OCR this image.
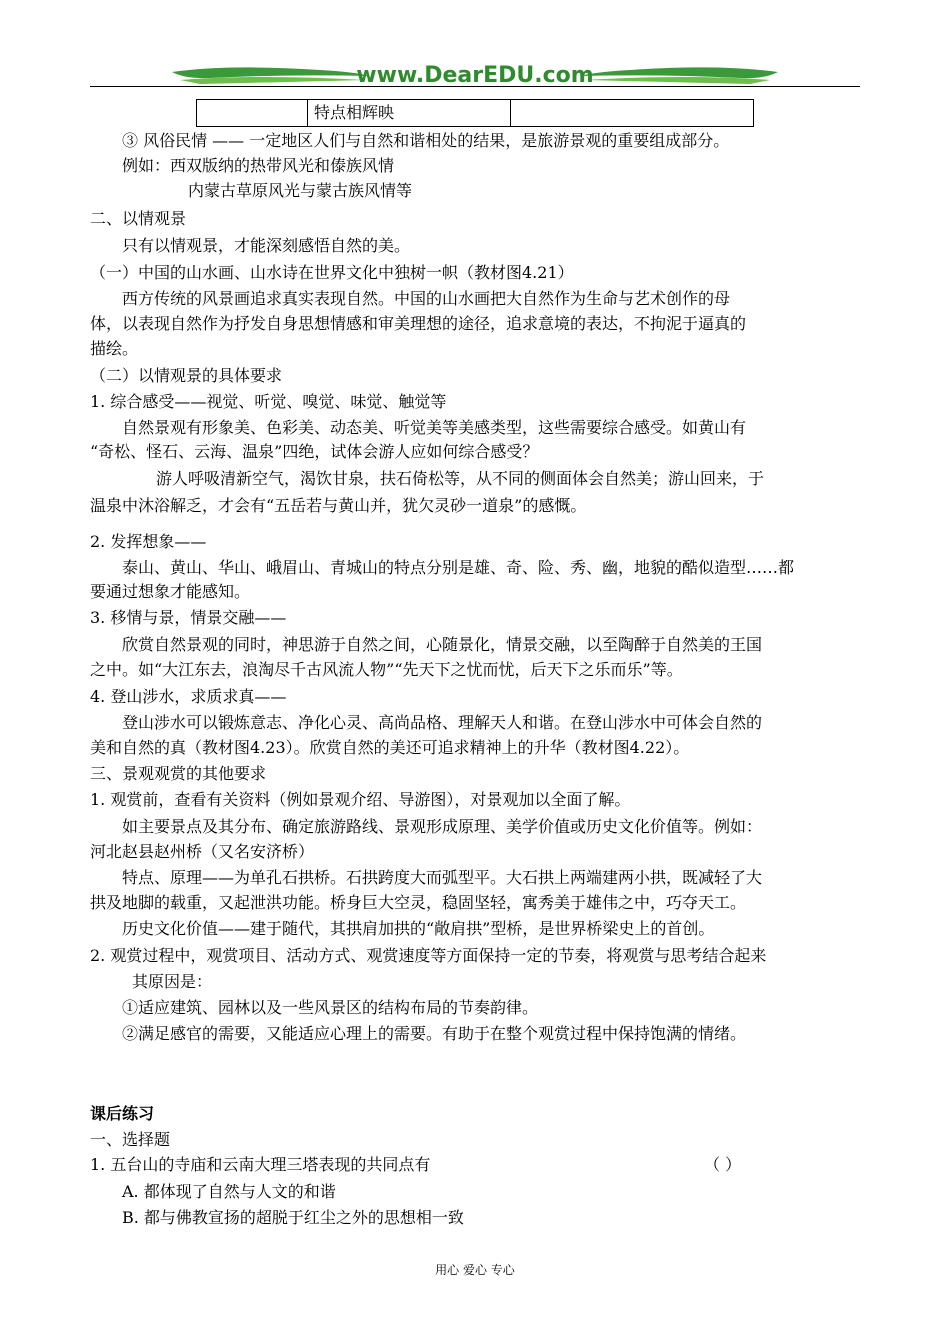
www.DearEDU.com
	特点相辉映	
③ 风俗民情 —— 一定地区人们与自然和谐相处的结果，是旅游景观的重要组成部分。
例如：西双版纳的热带风光和傣族风情
内蒙古草原风光与蒙古族风情等
二、以情观景
只有以情观景，才能深刻感悟自然的美。
（一）中国的山水画、山水诗在世界文化中独树一帜（教材图4.21）
西方传统的风景画追求真实表现自然。中国的山水画把大自然作为生命与艺术创作的母
体，以表现自然作为抒发自身思想情感和审美理想的途径，追求意境的表达，不拘泥于逼真的
描绘。
（二）以情观景的具体要求
1. 综合感受——视觉、听觉、嗅觉、味觉、触觉等
自然景观有形象美、色彩美、动态美、听觉美等美感类型，这些需要综合感受。如黄山有
“奇松、怪石、云海、温泉”四绝，试体会游人应如何综合感受？
游人呼吸清新空气，渴饮甘泉，扶石倚松等，从不同的侧面体会自然美；游山回来，于
温泉中沐浴解乏，才会有“五岳若与黄山并，犹欠灵砂一道泉”的感慨。
2. 发挥想象——
泰山、黄山、华山、峨眉山、青城山的特点分别是雄、奇、险、秀、幽，地貌的酷似造型……都
要通过想象才能感知。
3. 移情与景，情景交融——
欣赏自然景观的同时，神思游于自然之间，心随景化，情景交融，以至陶醉于自然美的王国
之中。如“大江东去，浪淘尽千古风流人物”“先天下之忧而忧，后天下之乐而乐”等。
4. 登山涉水，求质求真——
登山涉水可以锻炼意志、净化心灵、高尚品格、理解天人和谐。在登山涉水中可体会自然的
美和自然的真（教材图4.23）。欣赏自然的美还可追求精神上的升华（教材图4.22）。
三、景观观赏的其他要求
1. 观赏前，查看有关资料（例如景观介绍、导游图），对景观加以全面了解。
如主要景点及其分布、确定旅游路线、景观形成原理、美学价值或历史文化价值等。例如：
河北赵县赵州桥（又名安济桥）
特点、原理——为单孔石拱桥。石拱跨度大而弧型平。大石拱上两端建两小拱，既减轻了大
拱及地脚的载重，又起泄洪功能。桥身巨大空灵，稳固坚轻，寓秀美于雄伟之中，巧夺天工。
历史文化价值——建于随代，其拱肩加拱的“敞肩拱”型桥，是世界桥梁史上的首创。
2. 观赏过程中，观赏项目、活动方式、观赏速度等方面保持一定的节奏，将观赏与思考结合起来
其原因是：
①适应建筑、园林以及一些风景区的结构布局的节奏韵律。
②满足感官的需要，又能适应心理上的需要。有助于在整个观赏过程中保持饱满的情绪。
课后练习
一、选择题
1. 五台山的寺庙和云南大理三塔表现的共同点有	（ ）
A. 都体现了自然与人文的和谐
B. 都与佛教宣扬的超脱于红尘之外的思想相一致
用心 爱心 专心
